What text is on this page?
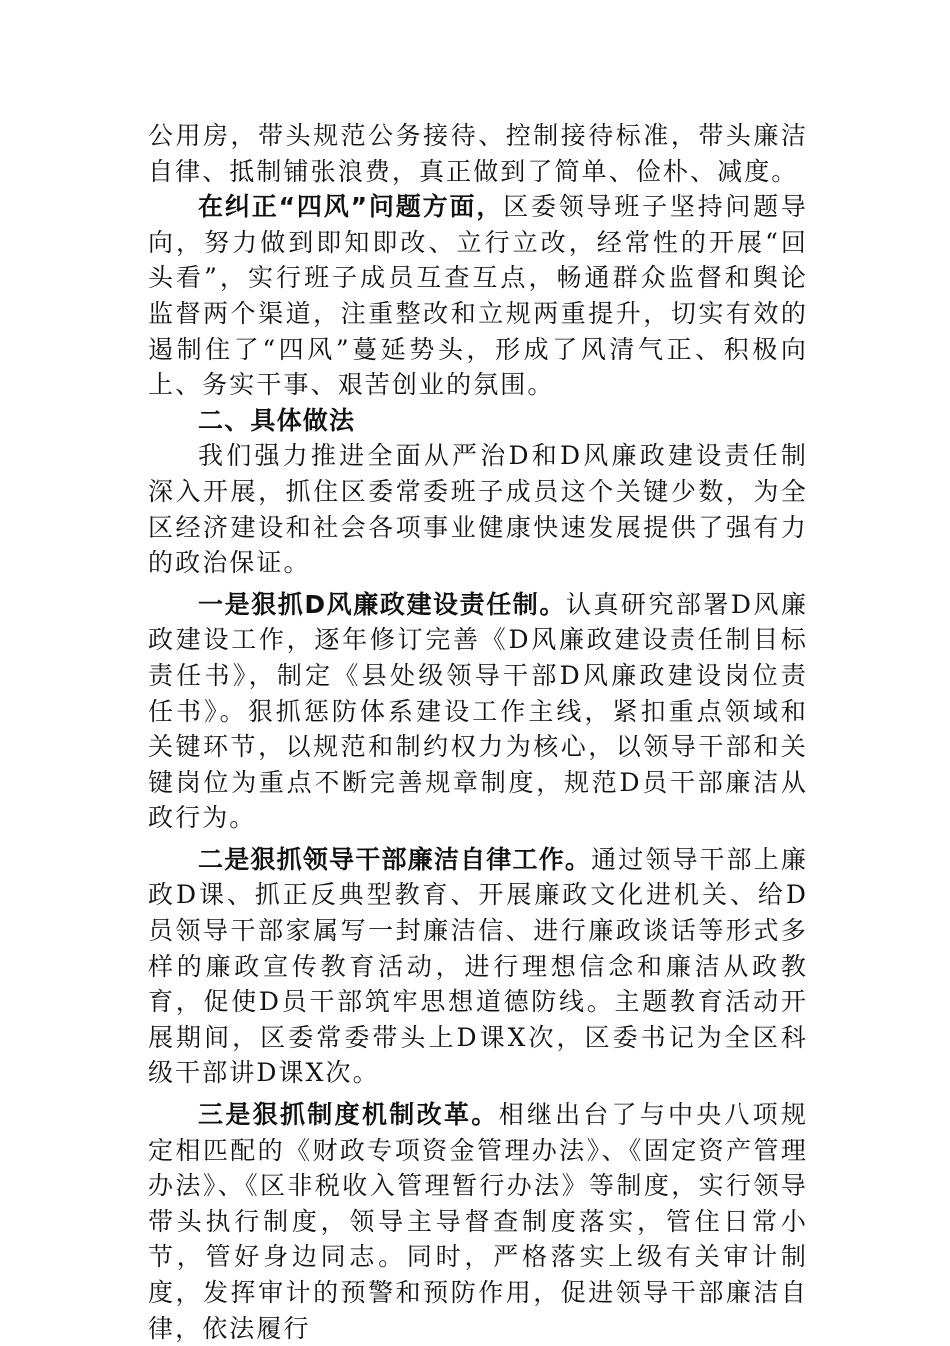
公用房，带头规范公务接待、控制接待标准，带头廉洁自律、抵制铺张浪费，真正做到了简单、俭朴、减度。

在纠正“四风”问题方面，区委领导班子坚持问题导向，努力做到即知即改、立行立改，经常性的开展“回头看”，实行班子成员互查互点，畅通群众监督和舆论监督两个渠道，注重整改和立规两重提升，切实有效的遏制住了“四风”蔓延势头，形成了风清气正、积极向上、务实干事、艰苦创业的氛围。

二、具体做法

我们强力推进全面从严治D和D风廉政建设责任制深入开展，抓住区委常委班子成员这个关键少数，为全区经济建设和社会各项事业健康快速发展提供了强有力的政治保证。

一是狠抓D风廉政建设责任制。认真研究部署D风廉政建设工作，逐年修订完善《D风廉政建设责任制目标责任书》，制定《县处级领导干部D风廉政建设岗位责任书》。狠抓惩防体系建设工作主线，紧扣重点领域和关键环节，以规范和制约权力为核心，以领导干部和关键岗位为重点不断完善规章制度，规范D员干部廉洁从政行为。

二是狠抓领导干部廉洁自律工作。通过领导干部上廉政D课、抓正反典型教育、开展廉政文化进机关、给D员领导干部家属写一封廉洁信、进行廉政谈话等形式多样的廉政宣传教育活动，进行理想信念和廉洁从政教育，促使D员干部筑牢思想道德防线。主题教育活动开展期间，区委常委带头上D课X次，区委书记为全区科级干部讲D课X次。

三是狠抓制度机制改革。相继出台了与中央八项规定相匹配的《财政专项资金管理办法》、《固定资产管理办法》、《区非税收入管理暂行办法》等制度，实行领导带头执行制度，领导主导督查制度落实，管住日常小节，管好身边同志。同时，严格落实上级有关审计制度，发挥审计的预警和预防作用，促进领导干部廉洁自律，依法履行
